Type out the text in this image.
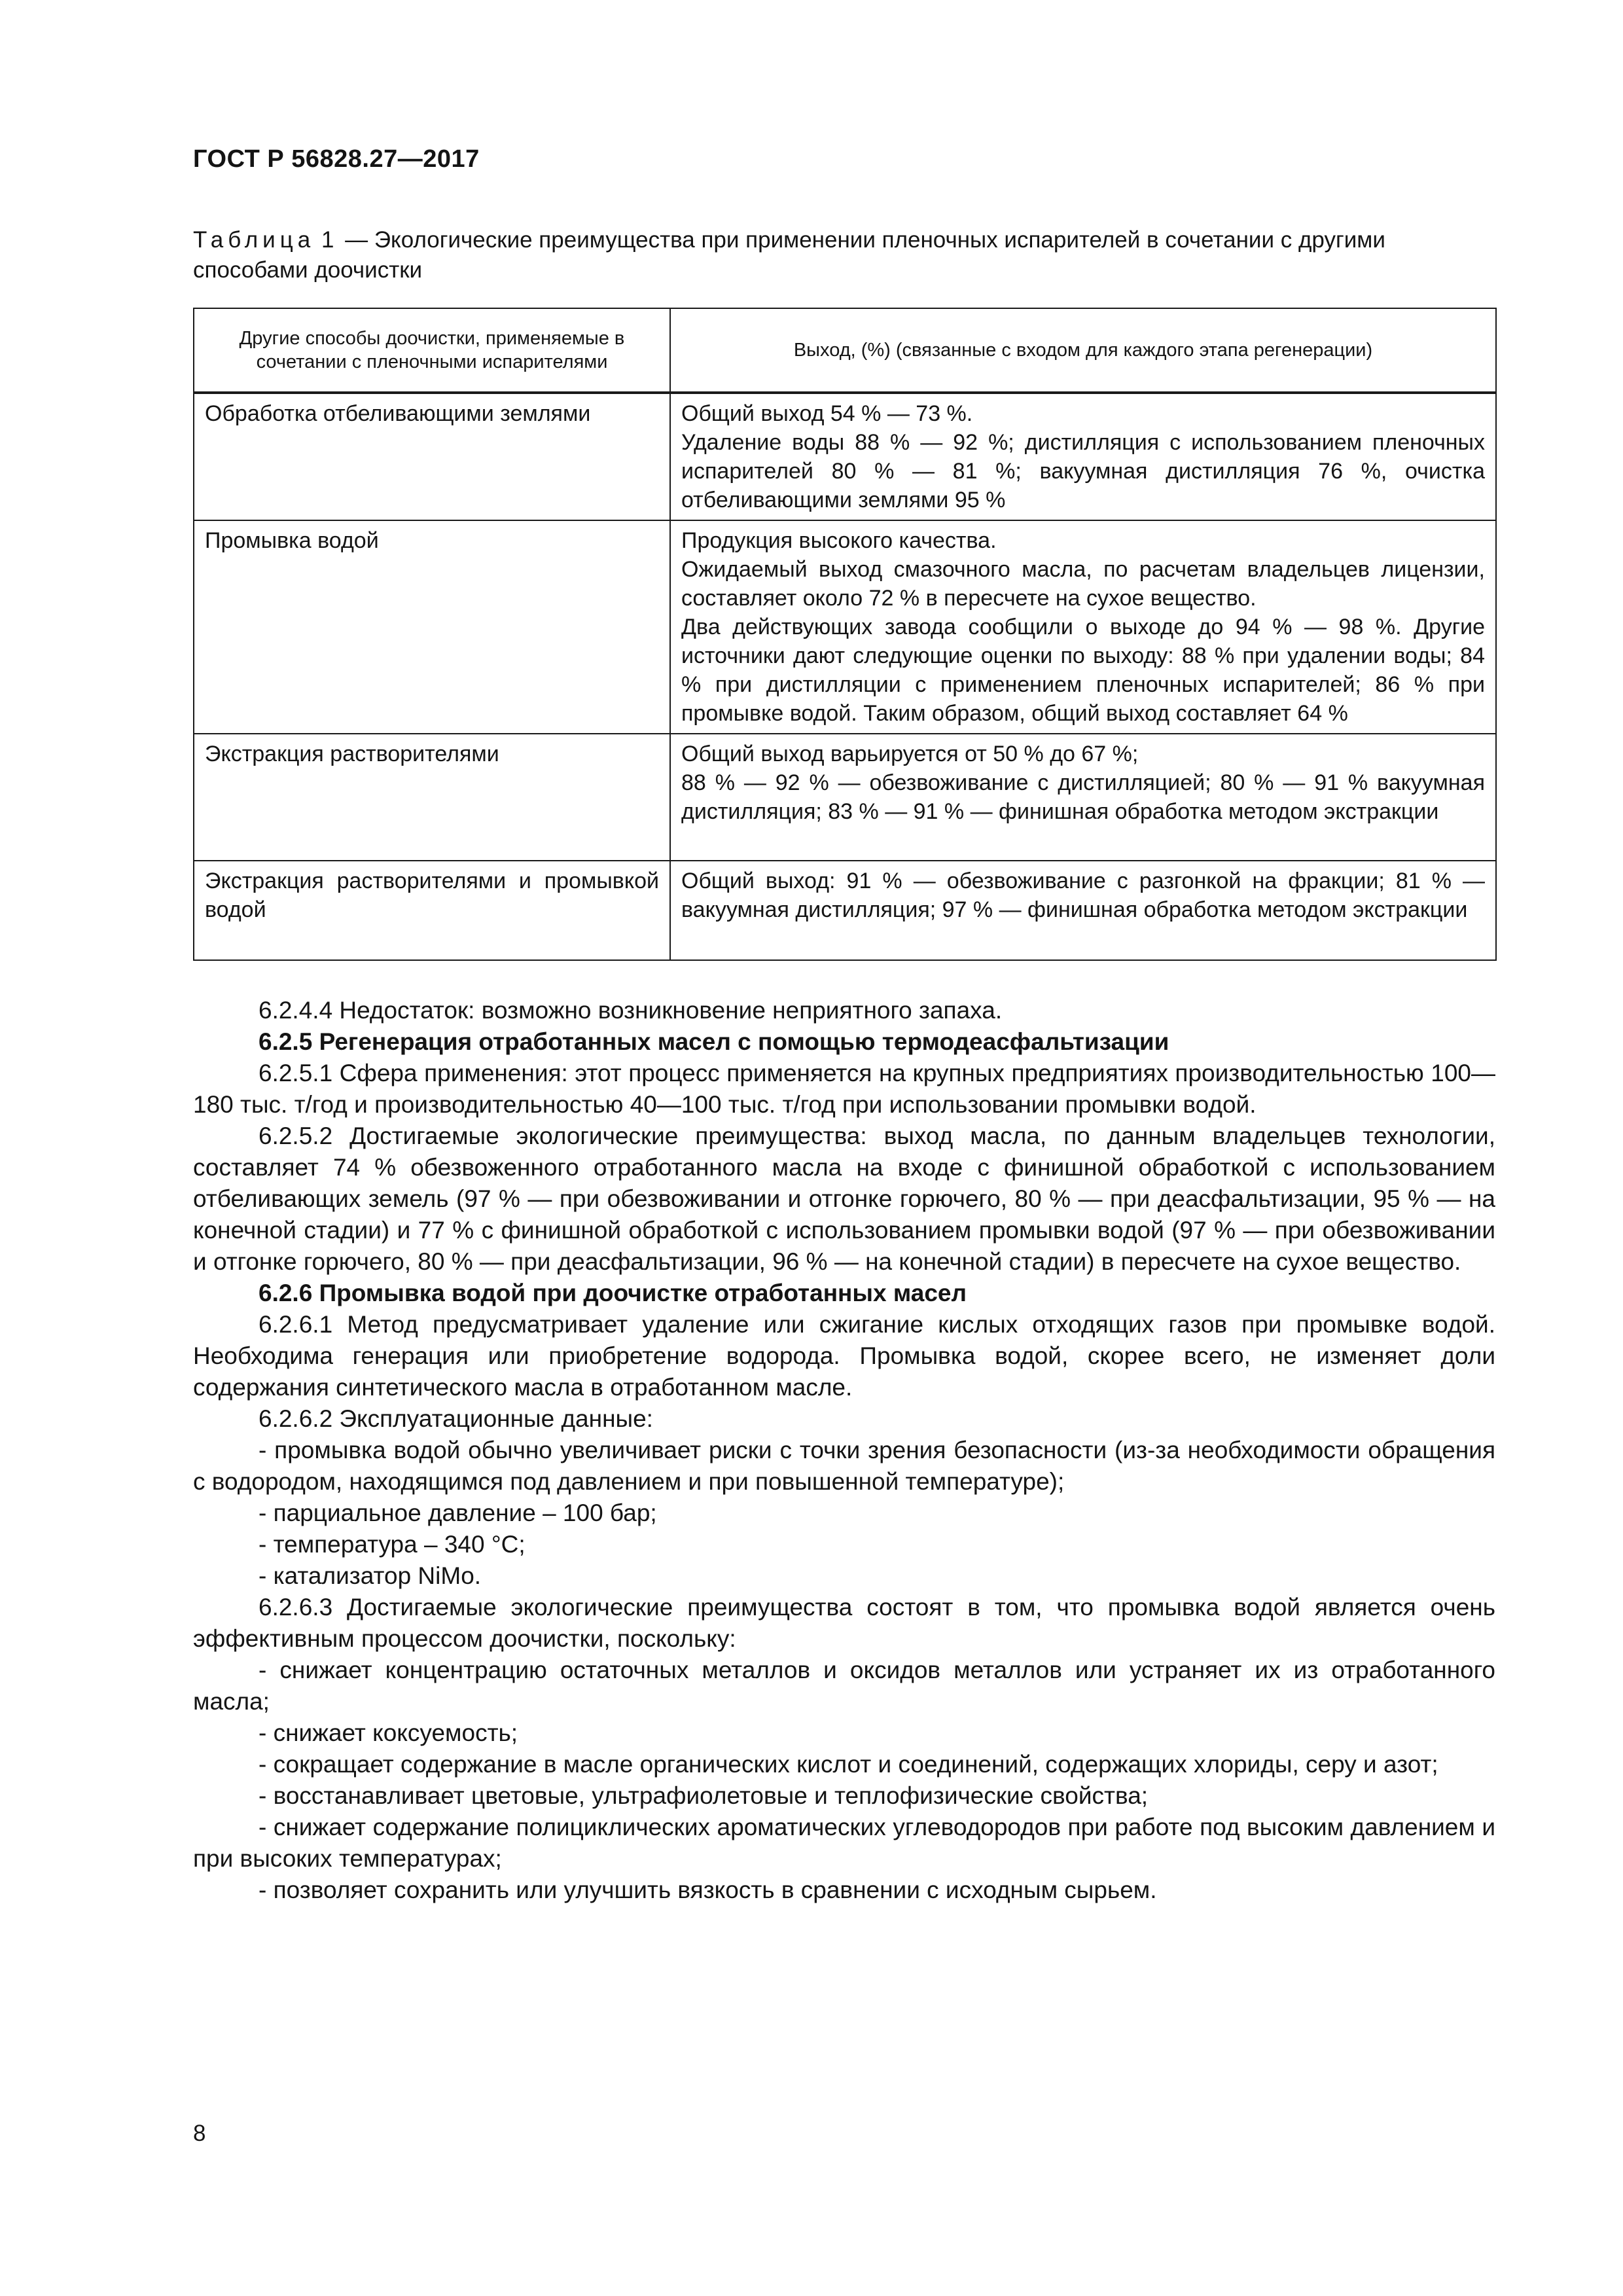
ГОСТ Р 56828.27—2017
Таблица 1 — Экологические преимущества при применении пленочных испарителей в сочетании с другими способами доочистки
Другие способы доочистки, применяемые в сочетании с пленочными испарителями	Выход, (%) (связанные с входом для каждого этапа регенерации)
Обработка отбеливающими землями	Общий выход 54 % — 73 %.
Удаление воды 88 % — 92 %; дистилляция с использованием пленочных испарителей 80 % — 81 %; вакуумная дистилляция 76 %, очистка отбеливающими землями 95 %

Промывка водой	Продукция высокого качества.
Ожидаемый выход смазочного масла, по расчетам владельцев лицензии, составляет около 72 % в пересчете на сухое вещество.
Два действующих завода сообщили о выходе до 94 % — 98 %. Другие источники дают следующие оценки по выходу: 88 % при удалении воды; 84 % при дистилляции с применением пленочных испарителей; 86 % при промывке водой. Таким образом, общий выход составляет 64 %

Экстракция растворителями	Общий выход варьируется от 50 % до 67 %;
88 % — 92 % — обезвоживание с дистилляцией; 80 % — 91 % вакуумная дистилляция; 83 % — 91 % — финишная обработка методом экстракции

Экстракция растворителями и промывкой водой	Общий выход: 91 % — обезвоживание с разгонкой на фракции; 81 % — вакуумная дистилляция; 97 % — финишная обработка методом экстракции

6.2.4.4 Недостаток: возможно возникновение неприятного запаха.

6.2.5 Регенерация отработанных масел с помощью термодеасфальтизации

6.2.5.1 Сфера применения: этот процесс применяется на крупных предприятиях производительностью 100—180 тыс. т/год и производительностью 40—100 тыс. т/год при использовании промывки водой.

6.2.5.2 Достигаемые экологические преимущества: выход масла, по данным владельцев технологии, составляет 74 % обезвоженного отработанного масла на входе с финишной обработкой с использованием отбеливающих земель (97 % — при обезвоживании и отгонке горючего, 80 % — при деасфальтизации, 95 % — на конечной стадии) и 77 % с финишной обработкой с использованием промывки водой (97 % — при обезвоживании и отгонке горючего, 80 % — при деасфальтизации, 96 % — на конечной стадии) в пересчете на сухое вещество.

6.2.6 Промывка водой при доочистке отработанных масел

6.2.6.1 Метод предусматривает удаление или сжигание кислых отходящих газов при промывке водой. Необходима генерация или приобретение водорода. Промывка водой, скорее всего, не изменяет доли содержания синтетического масла в отработанном масле.

6.2.6.2 Эксплуатационные данные:

- промывка водой обычно увеличивает риски с точки зрения безопасности (из-за необходимости обращения с водородом, находящимся под давлением и при повышенной температуре);

- парциальное давление – 100 бар;

- температура – 340 °С;

- катализатор NiMo.

6.2.6.3 Достигаемые экологические преимущества состоят в том, что промывка водой является очень эффективным процессом доочистки, поскольку:

- снижает концентрацию остаточных металлов и оксидов металлов или устраняет их из отработанного масла;

- снижает коксуемость;

- сокращает содержание в масле органических кислот и соединений, содержащих хлориды, серу и азот;

- восстанавливает цветовые, ультрафиолетовые и теплофизические свойства;

- снижает содержание полициклических ароматических углеводородов при работе под высоким давлением и при высоких температурах;

- позволяет сохранить или улучшить вязкость в сравнении с исходным сырьем.

8
